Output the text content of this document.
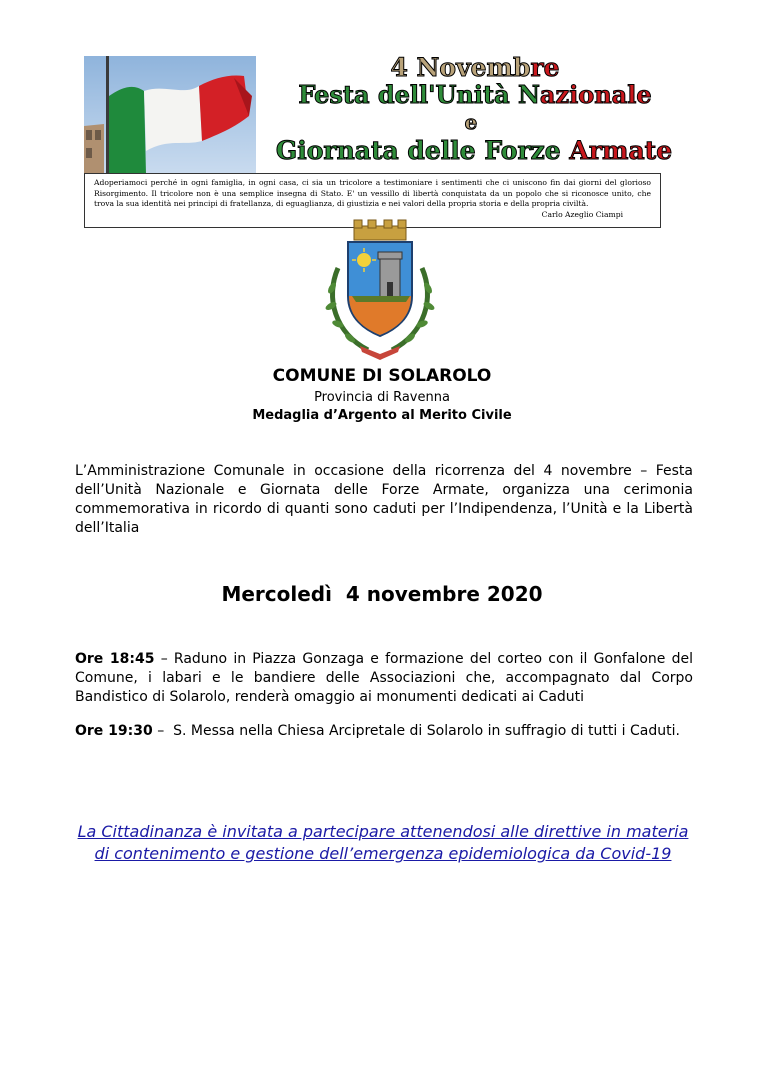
4 Novembre
Festa dell'Unità Nazionale
e
Giornata delle Forze Armate
Adoperiamoci perché in ogni famiglia, in ogni casa, ci sia un tricolore a testimoniare i sentimenti che ci uniscono fin dai giorni del glorioso Risorgimento. Il tricolore non è una semplice insegna di Stato. E' un vessillo di libertà conquistata da un popolo che si riconosce unito, che trova la sua identità nei principi di fratellanza, di eguaglianza, di giustizia e nei valori della propria storia e della propria civiltà.
Carlo Azeglio Ciampi
COMUNE DI SOLAROLO
Provincia di Ravenna
Medaglia d’Argento al Merito Civile
L’Amministrazione Comunale in occasione della ricorrenza del 4 novembre – Festa dell’Unità Nazionale e Giornata delle Forze Armate, organizza una cerimonia commemorativa in ricordo di quanti sono caduti per l’Indipendenza, l’Unità e la Libertà dell’Italia
Mercoledì  4 novembre 2020
Ore 18:45 – Raduno in Piazza Gonzaga e formazione del corteo con il Gonfalone del Comune, i labari e le bandiere delle Associazioni che, accompagnato dal Corpo Bandistico di Solarolo, renderà omaggio ai monumenti dedicati ai Caduti
Ore 19:30 –  S. Messa nella Chiesa Arcipretale di Solarolo in suffragio di tutti i Caduti.
La Cittadinanza è invitata a partecipare attenendosi alle direttive in materia
di contenimento e gestione dell’emergenza epidemiologica da Covid-19
